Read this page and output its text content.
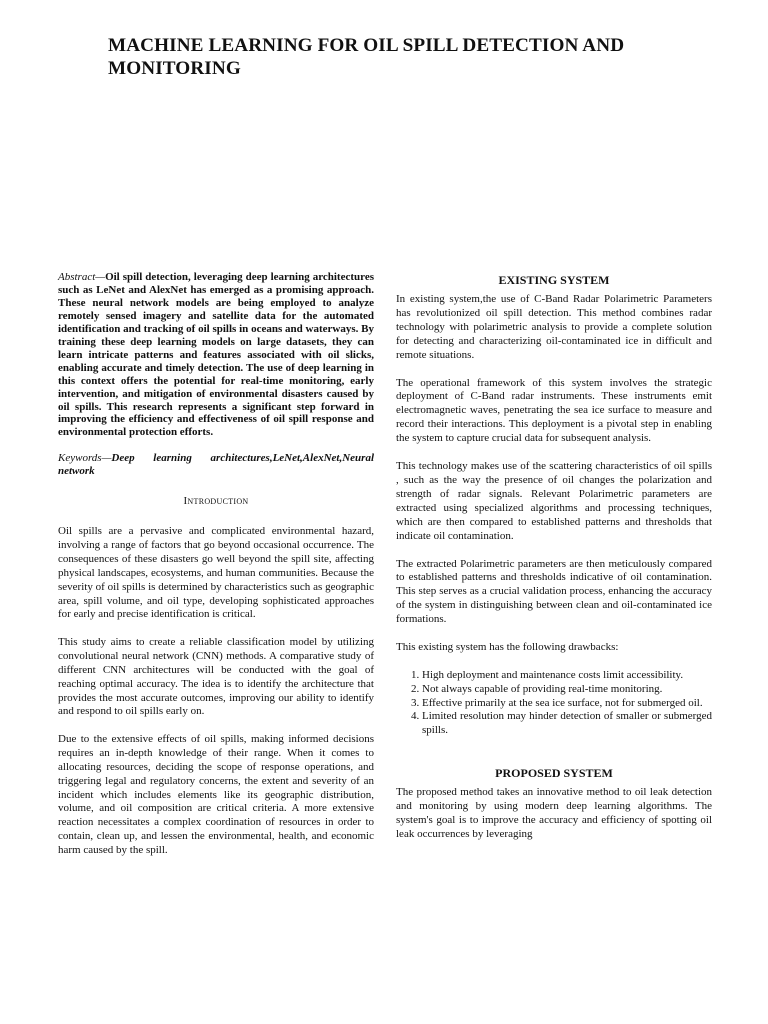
MACHINE LEARNING FOR OIL SPILL DETECTION AND MONITORING

Abstract—Oil spill detection, leveraging deep learning architectures such as LeNet and AlexNet has emerged as a promising approach. These neural network models are being employed to analyze remotely sensed imagery and satellite data for the automated identification and tracking of oil spills in oceans and waterways. By training these deep learning models on large datasets, they can learn intricate patterns and features associated with oil slicks, enabling accurate and timely detection. The use of deep learning in this context offers the potential for real-time monitoring, early intervention, and mitigation of environmental disasters caused by oil spills. This research represents a significant step forward in improving the efficiency and effectiveness of oil spill response and environmental protection efforts.

Keywords—Deep learning architectures,LeNet,AlexNet,Neural network

Introduction

Oil spills are a pervasive and complicated environmental hazard, involving a range of factors that go beyond occasional occurrence. The consequences of these disasters go well beyond the spill site, affecting physical landscapes, ecosystems, and human communities. Because the severity of oil spills is determined by characteristics such as geographic area, spill volume, and oil type, developing sophisticated approaches for early and precise identification is critical.

This study aims to create a reliable classification model by utilizing convolutional neural network (CNN) methods. A comparative study of different CNN architectures will be conducted with the goal of reaching optimal accuracy. The idea is to identify the architecture that provides the most accurate outcomes, improving our ability to identify and respond to oil spills early on.

Due to the extensive effects of oil spills, making informed decisions requires an in-depth knowledge of their range. When it comes to allocating resources, deciding the scope of response operations, and triggering legal and regulatory concerns, the extent and severity of an incident which includes elements like its geographic distribution, volume, and oil composition are critical criteria. A more extensive reaction necessitates a complex coordination of resources in order to contain, clean up, and lessen the environmental, health, and economic harm caused by the spill.

EXISTING SYSTEM

In existing system,the use of C-Band Radar Polarimetric Parameters has revolutionized oil spill detection. This method combines radar technology with polarimetric analysis to provide a complete solution for detecting and characterizing oil-contaminated ice in difficult and remote situations.

The operational framework of this system involves the strategic deployment of C-Band radar instruments. These instruments emit electromagnetic waves, penetrating the sea ice surface to measure and record their interactions. This deployment is a pivotal step in enabling the system to capture crucial data for subsequent analysis.

This technology makes use of the scattering characteristics of oil spills , such as the way the presence of oil changes the polarization and strength of radar signals. Relevant Polarimetric parameters are extracted using specialized algorithms and processing techniques, which are then compared to established patterns and thresholds that indicate oil contamination.

The extracted Polarimetric parameters are then meticulously compared to established patterns and thresholds indicative of oil contamination. This step serves as a crucial validation process, enhancing the accuracy of the system in distinguishing between clean and oil-contaminated ice formations.

This existing system has the following drawbacks:

1. High deployment and maintenance costs limit accessibility.
2. Not always capable of providing real-time monitoring.
3. Effective primarily at the sea ice surface, not for submerged oil.
4. Limited resolution may hinder detection of smaller or submerged spills.
PROPOSED SYSTEM

The proposed method takes an innovative method to oil leak detection and monitoring by using modern deep learning algorithms. The system's goal is to improve the accuracy and efficiency of spotting oil leak occurrences by leveraging
